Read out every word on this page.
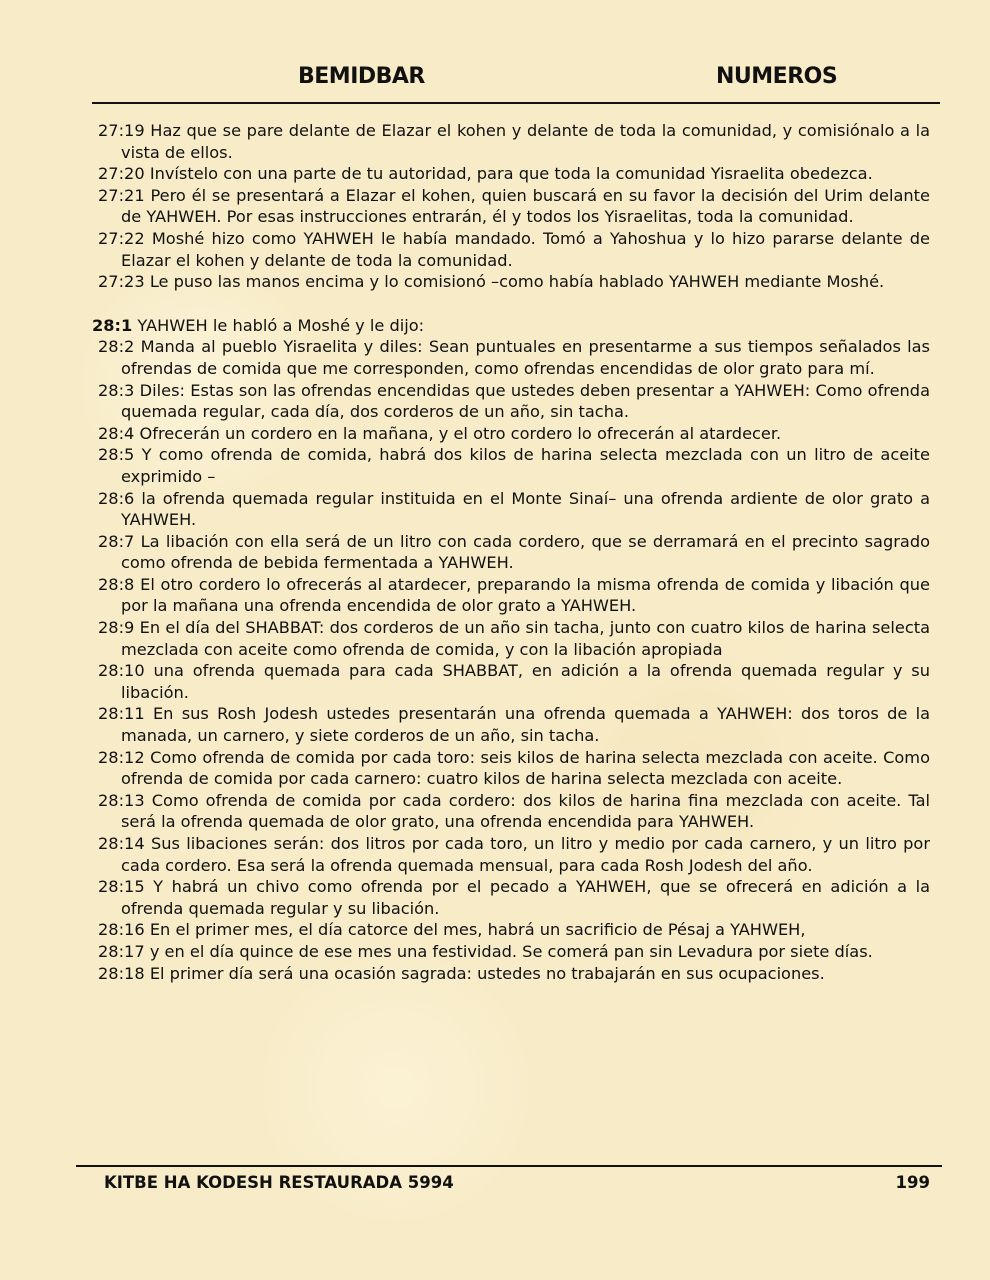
BEMIDBAR	NUMEROS
27:19 Haz que se pare delante de Elazar el kohen y delante de toda la comunidad, y comisiónalo a la vista de ellos.
27:20 Invístelo con una parte de tu autoridad, para que toda la comunidad Yisraelita obedezca.
27:21 Pero él se presentará a Elazar el kohen, quien buscará en su favor la decisión del Urim delante de YAHWEH. Por esas instrucciones entrarán, él y todos los Yisraelitas, toda la comunidad.
27:22 Moshé hizo como YAHWEH le había mandado. Tomó a Yahoshua y lo hizo pararse delante de Elazar el kohen y delante de toda la comunidad.
27:23 Le puso las manos encima y lo comisionó –como había hablado YAHWEH mediante Moshé.
28:1 YAHWEH le habló a Moshé y le dijo:
28:2 Manda al pueblo Yisraelita y diles: Sean puntuales en presentarme a sus tiempos señalados las ofrendas de comida que me corresponden, como ofrendas encendidas de olor grato para mí.
28:3 Diles: Estas son las ofrendas encendidas que ustedes deben presentar a YAHWEH: Como ofrenda quemada regular, cada día, dos corderos de un año, sin tacha.
28:4 Ofrecerán un cordero en la mañana, y el otro cordero lo ofrecerán al atardecer.
28:5 Y como ofrenda de comida, habrá dos kilos de harina selecta mezclada con un litro de aceite exprimido –
28:6 la ofrenda quemada regular instituida en el Monte Sinaí– una ofrenda ardiente de olor grato a YAHWEH.
28:7 La libación con ella será de un litro con cada cordero, que se derramará en el precinto sagrado como ofrenda de bebida fermentada a YAHWEH.
28:8 El otro cordero lo ofrecerás al atardecer, preparando la misma ofrenda de comida y libación que por la mañana una ofrenda encendida de olor grato a YAHWEH.
28:9 En el día del SHABBAT: dos corderos de un año sin tacha, junto con cuatro kilos de harina selecta mezclada con aceite como ofrenda de comida, y con la libación apropiada
28:10 una ofrenda quemada para cada SHABBAT, en adición a la ofrenda quemada regular y su libación.
28:11 En sus Rosh Jodesh ustedes presentarán una ofrenda quemada a YAHWEH: dos toros de la manada, un carnero, y siete corderos de un año, sin tacha.
28:12 Como ofrenda de comida por cada toro: seis kilos de harina selecta mezclada con aceite. Como ofrenda de comida por cada carnero: cuatro kilos de harina selecta mezclada con aceite.
28:13 Como ofrenda de comida por cada cordero: dos kilos de harina fina mezclada con aceite. Tal será la ofrenda quemada de olor grato, una ofrenda encendida para YAHWEH.
28:14 Sus libaciones serán: dos litros por cada toro, un litro y medio por cada carnero, y un litro por cada cordero. Esa será la ofrenda quemada mensual, para cada Rosh Jodesh del año.
28:15 Y habrá un chivo como ofrenda por el pecado a YAHWEH, que se ofrecerá en adición a la ofrenda quemada regular y su libación.
28:16 En el primer mes, el día catorce del mes, habrá un sacrificio de Pésaj a YAHWEH,
28:17 y en el día quince de ese mes una festividad. Se comerá pan sin Levadura por siete días.
28:18 El primer día será una ocasión sagrada: ustedes no trabajarán en sus ocupaciones.
KITBE HA KODESH RESTAURADA 5994	199
